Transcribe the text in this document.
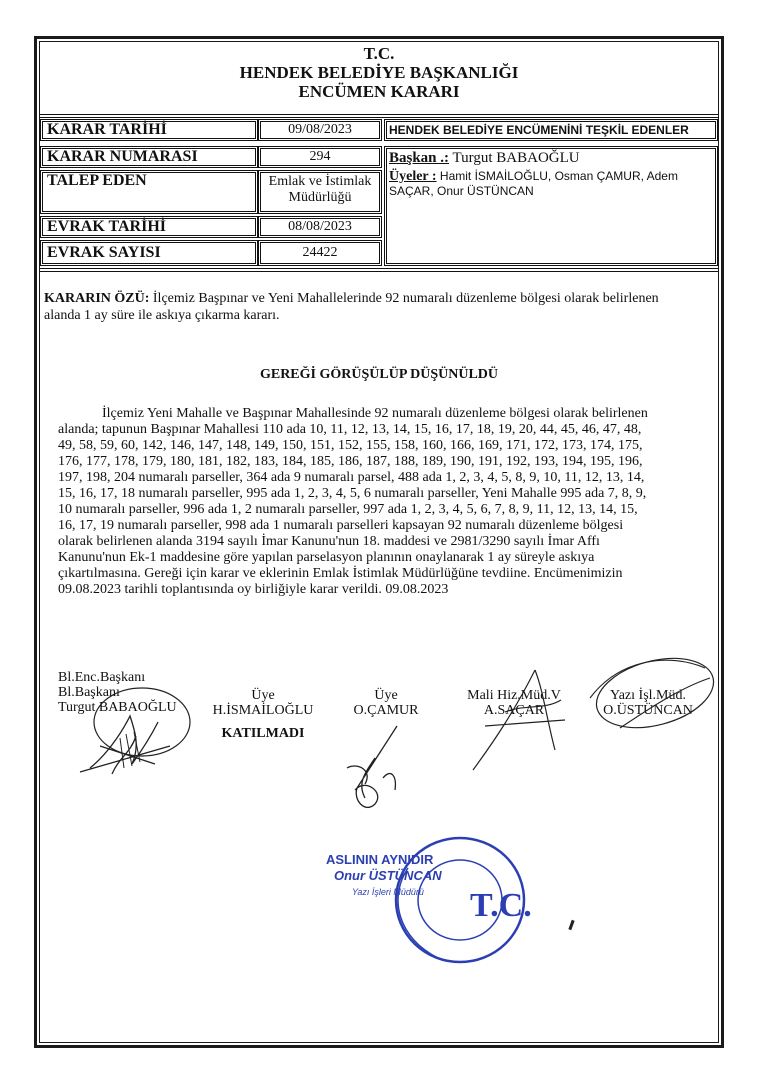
T.C.
HENDEK BELEDİYE BAŞKANLIĞI
ENCÜMEN KARARI
KARAR TARİHİ	09/08/2023
KARAR NUMARASI	294
TALEP EDEN	Emlak ve İstimlak
Müdürlüğü
EVRAK TARİHİ	08/08/2023
EVRAK SAYISI	24422
HENDEK BELEDİYE ENCÜMENİNİ TEŞKİL EDENLER
Başkan .: Turgut BABAOĞLU
Üyeler : Hamit İSMAİLOĞLU, Osman ÇAMUR, Adem
SAÇAR, Onur ÜSTÜNCAN
KARARIN ÖZÜ: İlçemiz Başpınar ve Yeni Mahallelerinde 92 numaralı düzenleme bölgesi olarak belirlenen
alanda 1 ay süre ile askıya çıkarma kararı.
GEREĞİ GÖRÜŞÜLÜP DÜŞÜNÜLDÜ
İlçemiz Yeni Mahalle ve Başpınar Mahallesinde 92 numaralı düzenleme bölgesi olarak belirlenen
alanda; tapunun Başpınar Mahallesi 110 ada 10, 11, 12, 13, 14, 15, 16, 17, 18, 19, 20, 44, 45, 46, 47, 48,
49, 58, 59, 60, 142, 146, 147, 148, 149, 150, 151, 152, 155, 158, 160, 166, 169, 171, 172, 173, 174, 175,
176, 177, 178, 179, 180, 181, 182, 183, 184, 185, 186, 187, 188, 189, 190, 191, 192, 193, 194, 195, 196,
197, 198, 204 numaralı parseller, 364 ada 9 numaralı parsel, 488 ada 1, 2, 3, 4, 5, 8, 9, 10, 11, 12, 13, 14,
15, 16, 17, 18 numaralı parseller, 995 ada 1, 2, 3, 4, 5, 6 numaralı parseller, Yeni Mahalle 995 ada 7, 8, 9,
10 numaralı parseller, 996 ada 1, 2 numaralı parseller, 997 ada 1, 2, 3, 4, 5, 6, 7, 8, 9, 11, 12, 13, 14, 15,
16, 17, 19 numaralı parseller, 998 ada 1 numaralı parselleri kapsayan 92 numaralı düzenleme bölgesi
olarak belirlenen alanda 3194 sayılı İmar Kanunu'nun 18. maddesi ve 2981/3290 sayılı İmar Affı
Kanunu'nun Ek-1 maddesine göre yapılan parselasyon planının onaylanarak 1 ay süreyle askıya
çıkartılmasına. Gereği için karar ve eklerinin Emlak İstimlak Müdürlüğüne tevdiine. Encümenimizin
09.08.2023 tarihli toplantısında oy birliğiyle karar verildi. 09.08.2023
Bl.Enc.Başkanı
Bl.Başkanı
Turgut BABAOĞLU
Üye
H.İSMAİLOĞLU
KATILMADI
Üye
O.ÇAMUR
Mali Hiz.Müd.V
A.SAÇAR
Yazı İşl.Müd.
O.ÜSTÜNCAN
ASLININ AYNIDIR
Onur ÜSTÜNCAN
Yazı İşleri Müdürü	T.C.
